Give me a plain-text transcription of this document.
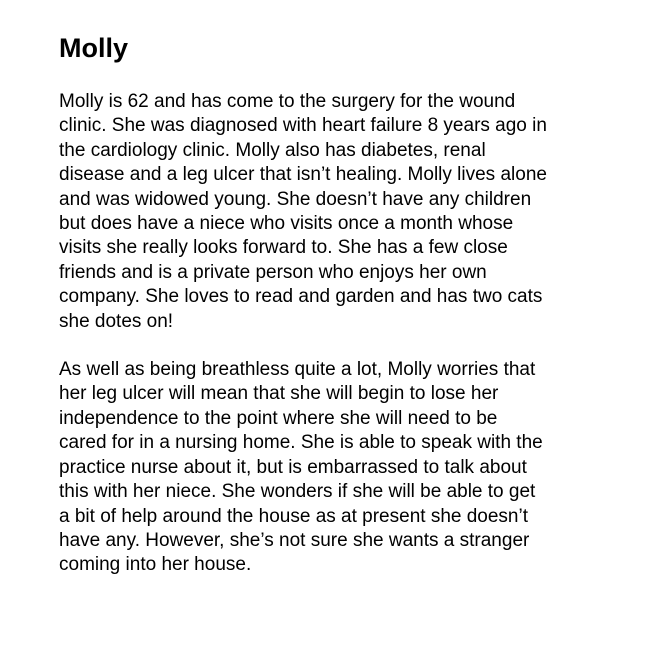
Molly

Molly is 62 and has come to the surgery for the wound
clinic. She was diagnosed with heart failure 8 years ago in
the cardiology clinic. Molly also has diabetes, renal
disease and a leg ulcer that isn’t healing. Molly lives alone
and was widowed young. She doesn’t have any children
but does have a niece who visits once a month whose
visits she really looks forward to. She has a few close
friends and is a private person who enjoys her own
company. She loves to read and garden and has two cats
she dotes on!

As well as being breathless quite a lot, Molly worries that
her leg ulcer will mean that she will begin to lose her
independence to the point where she will need to be
cared for in a nursing home. She is able to speak with the
practice nurse about it, but is embarrassed to talk about
this with her niece. She wonders if she will be able to get
a bit of help around the house as at present she doesn’t
have any. However, she’s not sure she wants a stranger
coming into her house.
